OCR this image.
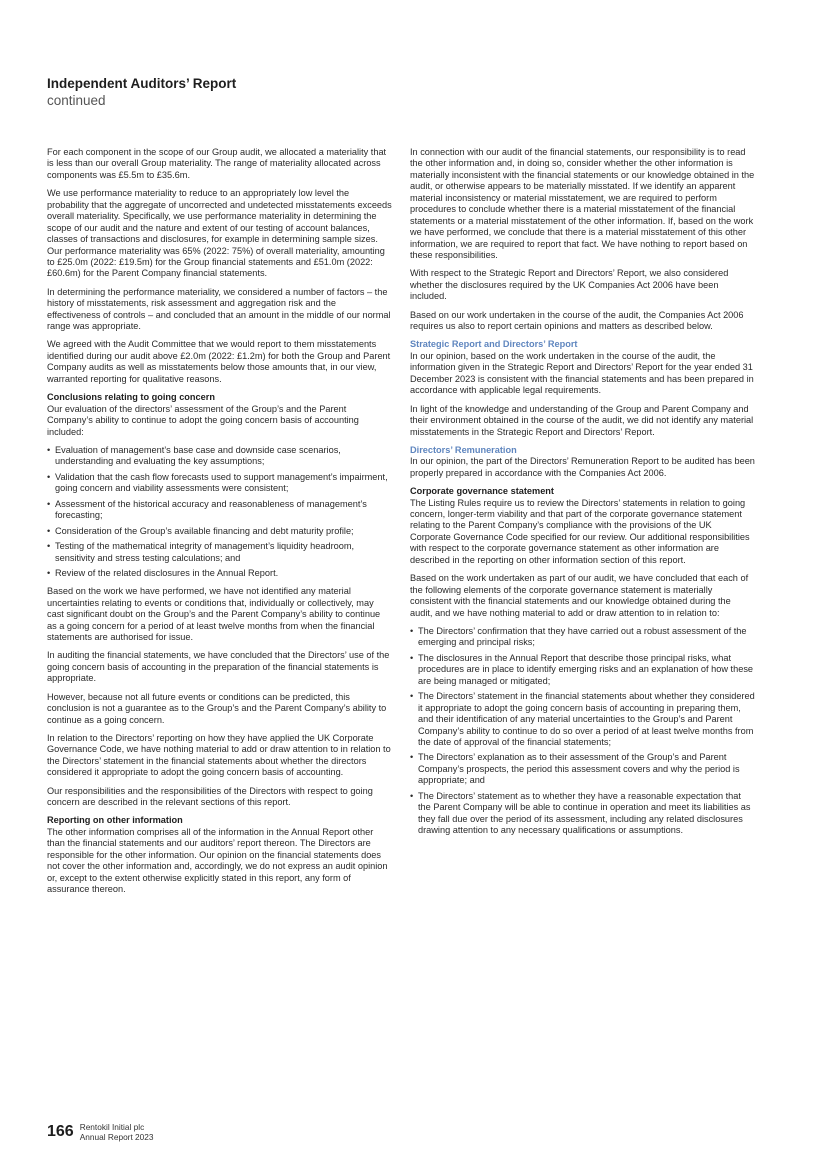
Independent Auditors’ Report
continued

For each component in the scope of our Group audit, we allocated a materiality that is less than our overall Group materiality. The range of materiality allocated across components was £5.5m to £35.6m.

We use performance materiality to reduce to an appropriately low level the probability that the aggregate of uncorrected and undetected misstatements exceeds overall materiality. Specifically, we use performance materiality in determining the scope of our audit and the nature and extent of our testing of account balances, classes of transactions and disclosures, for example in determining sample sizes. Our performance materiality was 65% (2022: 75%) of overall materiality, amounting to £25.0m (2022: £19.5m) for the Group financial statements and £51.0m (2022: £60.6m) for the Parent Company financial statements.

In determining the performance materiality, we considered a number of factors – the history of misstatements, risk assessment and aggregation risk and the effectiveness of controls – and concluded that an amount in the middle of our normal range was appropriate.

We agreed with the Audit Committee that we would report to them misstatements identified during our audit above £2.0m (2022: £1.2m) for both the Group and Parent Company audits as well as misstatements below those amounts that, in our view, warranted reporting for qualitative reasons.

Conclusions relating to going concern

Our evaluation of the directors’ assessment of the Group’s and the Parent Company’s ability to continue to adopt the going concern basis of accounting included:

• Evaluation of management’s base case and downside case scenarios, understanding and evaluating the key assumptions;
• Validation that the cash flow forecasts used to support management’s impairment, going concern and viability assessments were consistent;
• Assessment of the historical accuracy and reasonableness of management’s forecasting;
• Consideration of the Group’s available financing and debt maturity profile;
• Testing of the mathematical integrity of management’s liquidity headroom, sensitivity and stress testing calculations; and
• Review of the related disclosures in the Annual Report.

Based on the work we have performed, we have not identified any material uncertainties relating to events or conditions that, individually or collectively, may cast significant doubt on the Group’s and the Parent Company’s ability to continue as a going concern for a period of at least twelve months from when the financial statements are authorised for issue.

In auditing the financial statements, we have concluded that the Directors’ use of the going concern basis of accounting in the preparation of the financial statements is appropriate.

However, because not all future events or conditions can be predicted, this conclusion is not a guarantee as to the Group’s and the Parent Company’s ability to continue as a going concern.

In relation to the Directors’ reporting on how they have applied the UK Corporate Governance Code, we have nothing material to add or draw attention to in relation to the Directors’ statement in the financial statements about whether the directors considered it appropriate to adopt the going concern basis of accounting.

Our responsibilities and the responsibilities of the Directors with respect to going concern are described in the relevant sections of this report.

Reporting on other information

The other information comprises all of the information in the Annual Report other than the financial statements and our auditors’ report thereon. The Directors are responsible for the other information. Our opinion on the financial statements does not cover the other information and, accordingly, we do not express an audit opinion or, except to the extent otherwise explicitly stated in this report, any form of assurance thereon.

In connection with our audit of the financial statements, our responsibility is to read the other information and, in doing so, consider whether the other information is materially inconsistent with the financial statements or our knowledge obtained in the audit, or otherwise appears to be materially misstated. If we identify an apparent material inconsistency or material misstatement, we are required to perform procedures to conclude whether there is a material misstatement of the financial statements or a material misstatement of the other information. If, based on the work we have performed, we conclude that there is a material misstatement of this other information, we are required to report that fact. We have nothing to report based on these responsibilities.

With respect to the Strategic Report and Directors’ Report, we also considered whether the disclosures required by the UK Companies Act 2006 have been included.

Based on our work undertaken in the course of the audit, the Companies Act 2006 requires us also to report certain opinions and matters as described below.

Strategic Report and Directors’ Report

In our opinion, based on the work undertaken in the course of the audit, the information given in the Strategic Report and Directors’ Report for the year ended 31 December 2023 is consistent with the financial statements and has been prepared in accordance with applicable legal requirements.

In light of the knowledge and understanding of the Group and Parent Company and their environment obtained in the course of the audit, we did not identify any material misstatements in the Strategic Report and Directors’ Report.

Directors’ Remuneration

In our opinion, the part of the Directors’ Remuneration Report to be audited has been properly prepared in accordance with the Companies Act 2006.

Corporate governance statement

The Listing Rules require us to review the Directors’ statements in relation to going concern, longer-term viability and that part of the corporate governance statement relating to the Parent Company’s compliance with the provisions of the UK Corporate Governance Code specified for our review. Our additional responsibilities with respect to the corporate governance statement as other information are described in the reporting on other information section of this report.

Based on the work undertaken as part of our audit, we have concluded that each of the following elements of the corporate governance statement is materially consistent with the financial statements and our knowledge obtained during the audit, and we have nothing material to add or draw attention to in relation to:

• The Directors’ confirmation that they have carried out a robust assessment of the emerging and principal risks;
• The disclosures in the Annual Report that describe those principal risks, what procedures are in place to identify emerging risks and an explanation of how these are being managed or mitigated;
• The Directors’ statement in the financial statements about whether they considered it appropriate to adopt the going concern basis of accounting in preparing them, and their identification of any material uncertainties to the Group’s and Parent Company’s ability to continue to do so over a period of at least twelve months from the date of approval of the financial statements;
• The Directors’ explanation as to their assessment of the Group’s and Parent Company’s prospects, the period this assessment covers and why the period is appropriate; and
• The Directors’ statement as to whether they have a reasonable expectation that the Parent Company will be able to continue in operation and meet its liabilities as they fall due over the period of its assessment, including any related disclosures drawing attention to any necessary qualifications or assumptions.
166 Rentokil Initial plc
Annual Report 2023
